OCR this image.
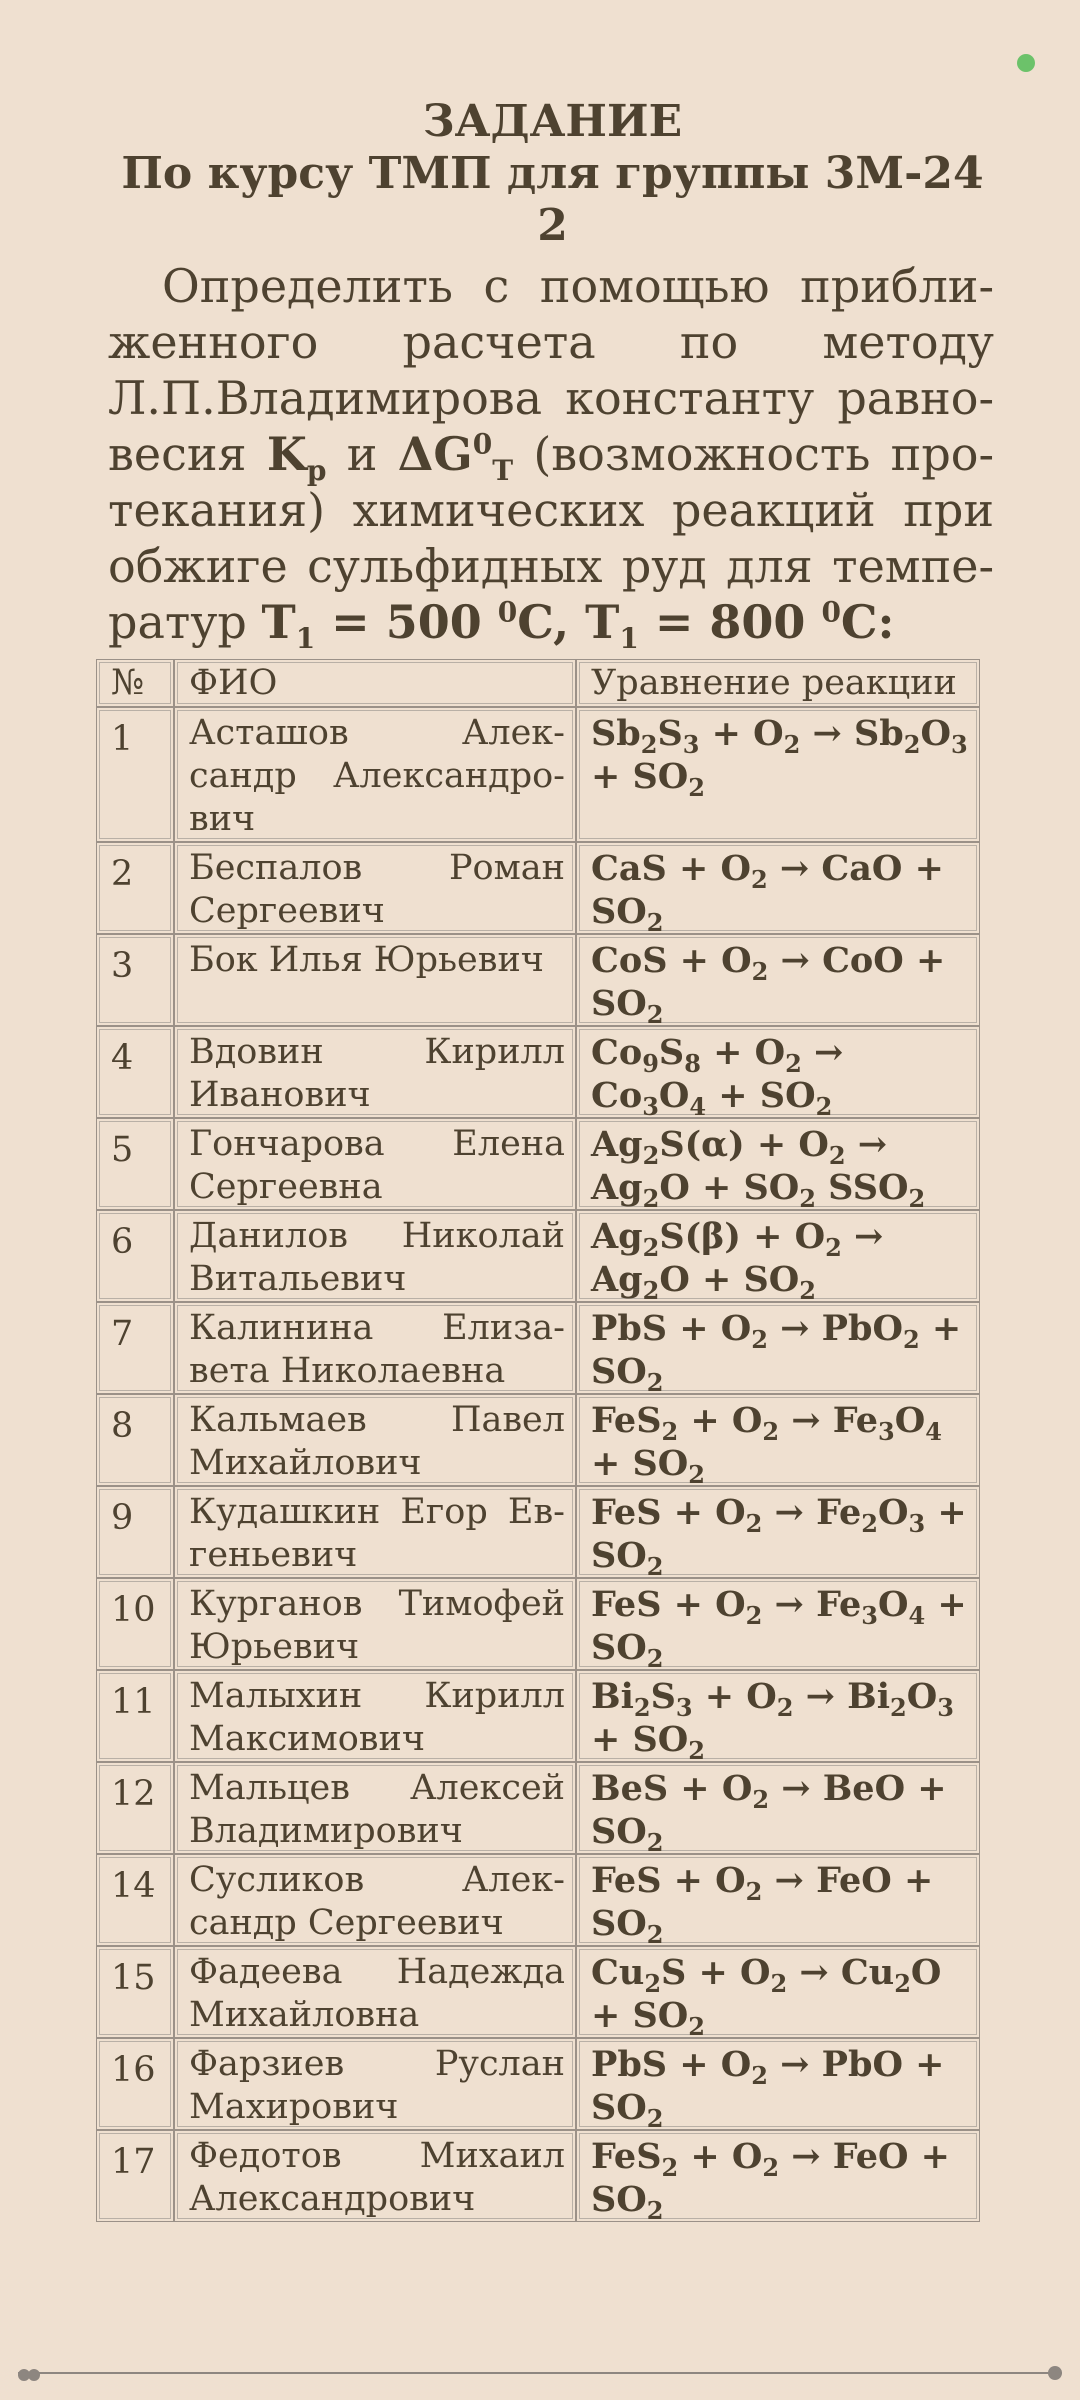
ЗАДАНИЕ
По курсу ТМП для группы 3М-24
2
Определить с помощью прибли-женного расчета по методу Л.П.Владимирова константу равно-весия $K_p$ и $\Delta G^0_T$ (возможность про-текания) химических реакций при обжиге сульфидных руд для темпе-ратур $T_1 = 500$ $^0$C, $T_1 = 800$ $^0$C:
№	ФИО	Уравнение реакции
1	Асташов Алек-сандр Александро-вич	$Sb_2S_3 + O_2 \to Sb_2O_3 + SO_2$
2	Беспалов Роман Сергеевич	CaS + $O_2$ → CaO + $SO_2$
3	Бок Илья Юрьевич	CoS + $O_2$ → CoO + $SO_2$
4	Вдовин Кирилл Иванович	$Co_9S_8 + O_2 \to Co_3O_4 + SO_2$
5	Гончарова Елена Сергеевна	$Ag_2S(\alpha) + O_2 \to Ag_2O + SO_2$ $SSO_2$
6	Данилов Николай Витальевич	$Ag_2S(\beta) + O_2 \to Ag_2O + SO_2$
7	Калинина Елиза-вета Николаевна	PbS + $O_2 \to PbO_2 + SO_2$
8	Кальмаев Павел Михайлович	$FeS_2 + O_2 \to Fe_3O_4 + SO_2$
9	Кудашкин Егор Ев-геньевич	FeS + $O_2 \to Fe_2O_3 + SO_2$
10	Курганов Тимофей Юрьевич	FeS + $O_2 \to Fe_3O_4 + SO_2$
11	Малыхин Кирилл Максимович	$Bi_2S_3 + O_2 \to Bi_2O_3 + SO_2$
12	Мальцев Алексей Владимирович	BeS + $O_2$ → BeO + $SO_2$
14	Сусликов Алек-сандр Сергеевич	FeS + $O_2$ → FeO + $SO_2$
15	Фадеева Надежда Михайловна	$Cu_2S + O_2 \to Cu_2O + SO_2$
16	Фарзиев Руслан Махирович	PbS + $O_2$ → PbO + $SO_2$
17	Федотов Михаил Александрович	$FeS_2 + O_2$ → FeO + $SO_2$
